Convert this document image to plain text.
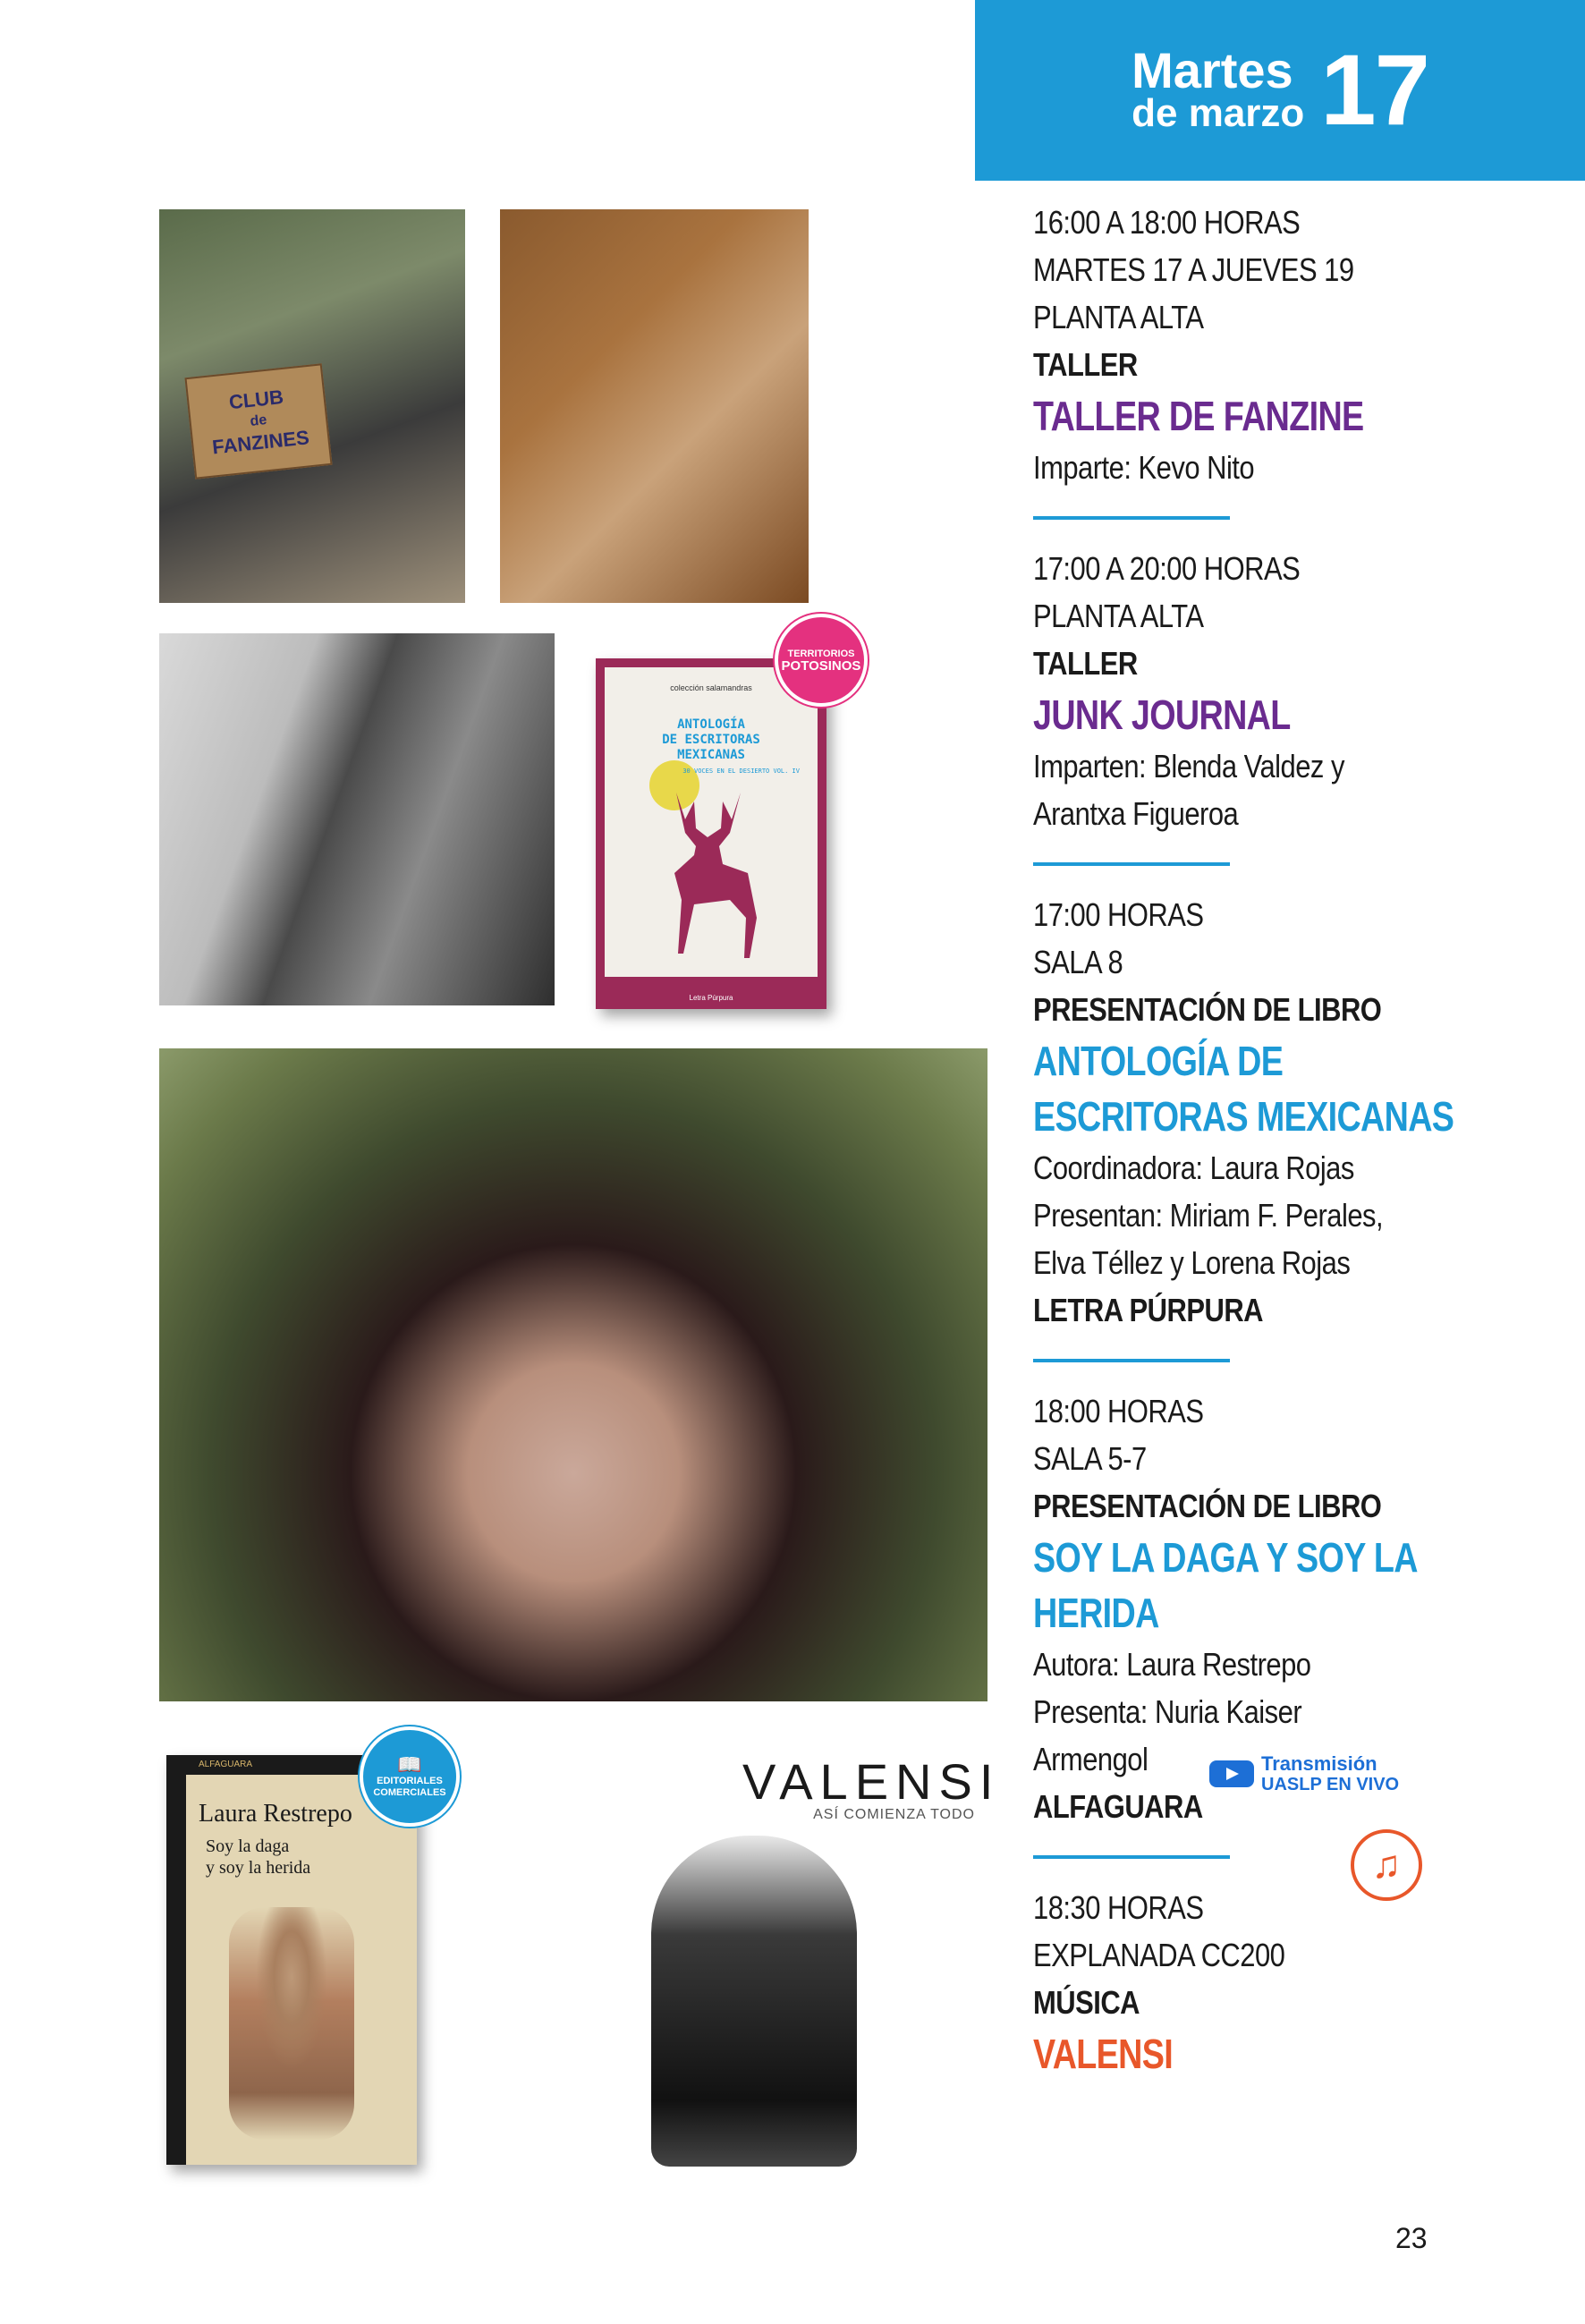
Martes
de marzo 17
CLUB
de
FANZINES
colección salamandras
ANTOLOGÍA
DE ESCRITORAS
MEXICANAS
30 VOCES EN EL DESIERTO VOL. IV
Letra Púrpura
TERRITORIOS
POTOSINOS
ALFAGUARA
Laura Restrepo
Soy la daga
y soy la herida
📖
EDITORIALES
COMERCIALES	VALENSI
ASÍ COMIENZA TODO
16:00 A 18:00 HORAS
MARTES 17 A JUEVES 19
PLANTA ALTA
TALLER
TALLER DE FANZINE
Imparte: Kevo Nito
17:00 A 20:00 HORAS
PLANTA ALTA
TALLER
JUNK JOURNAL
Imparten: Blenda Valdez y
Arantxa Figueroa
17:00 HORAS
SALA 8
PRESENTACIÓN DE LIBRO
ANTOLOGÍA DE
ESCRITORAS MEXICANAS
Coordinadora: Laura Rojas
Presentan: Miriam F. Perales,
Elva Téllez y Lorena Rojas
LETRA PÚRPURA
18:00 HORAS
SALA 5-7
PRESENTACIÓN DE LIBRO
SOY LA DAGA Y SOY LA
HERIDA
Autora: Laura Restrepo
Presenta: Nuria Kaiser
Armengol
ALFAGUARA
18:30 HORAS
EXPLANADA CC200
MÚSICA
VALENSI
Transmisión
UASLP EN VIVO
♫
23
